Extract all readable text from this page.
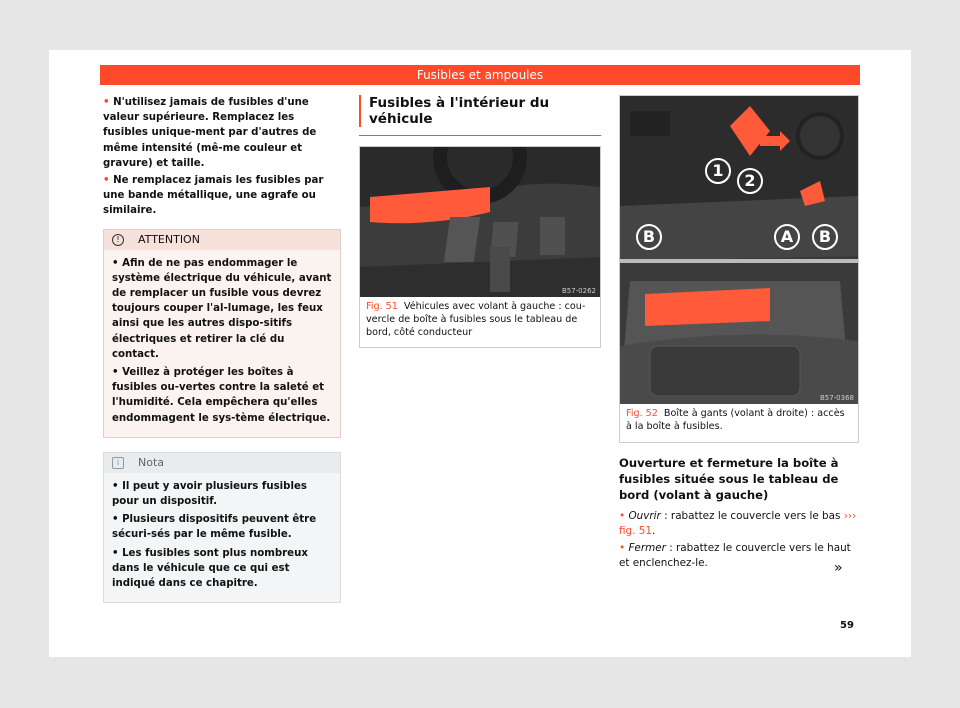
Fusibles et ampoules

• N'utilisez jamais de fusibles d'une valeur supérieure. Remplacez les fusibles unique-ment par d'autres de même intensité (mê-me couleur et gravure) et taille.

• Ne remplacez jamais les fusibles par une bande métallique, une agrafe ou similaire.

!	ATTENTION

• Afin de ne pas endommager le système électrique du véhicule, avant de remplacer un fusible vous devrez toujours couper l'al-lumage, les feux ainsi que les autres dispo-sitifs électriques et retirer la clé du contact.

• Veillez à protéger les boîtes à fusibles ou-vertes contre la saleté et l'humidité. Cela empêchera qu'elles endommagent le sys-tème électrique.

i	Nota

• Il peut y avoir plusieurs fusibles pour un dispositif.

• Plusieurs dispositifs peuvent être sécuri-sés par le même fusible.

• Les fusibles sont plus nombreux dans le véhicule que ce qui est indiqué dans ce chapitre.

Fusibles à l'intérieur du véhicule
B57-0262
Fig. 51 Véhicules avec volant à gauche : cou-vercle de boîte à fusibles sous le tableau de bord, côté conducteur
1
2
B	A	B
B57-0368
Fig. 52 Boîte à gants (volant à droite) : accès à la boîte à fusibles.
Ouverture et fermeture la boîte à fusibles située sous le tableau de bord (volant à gauche)

• Ouvrir : rabattez le couvercle vers le bas ››› fig. 51.

• Fermer : rabattez le couvercle vers le haut et enclenchez-le.	»
59
